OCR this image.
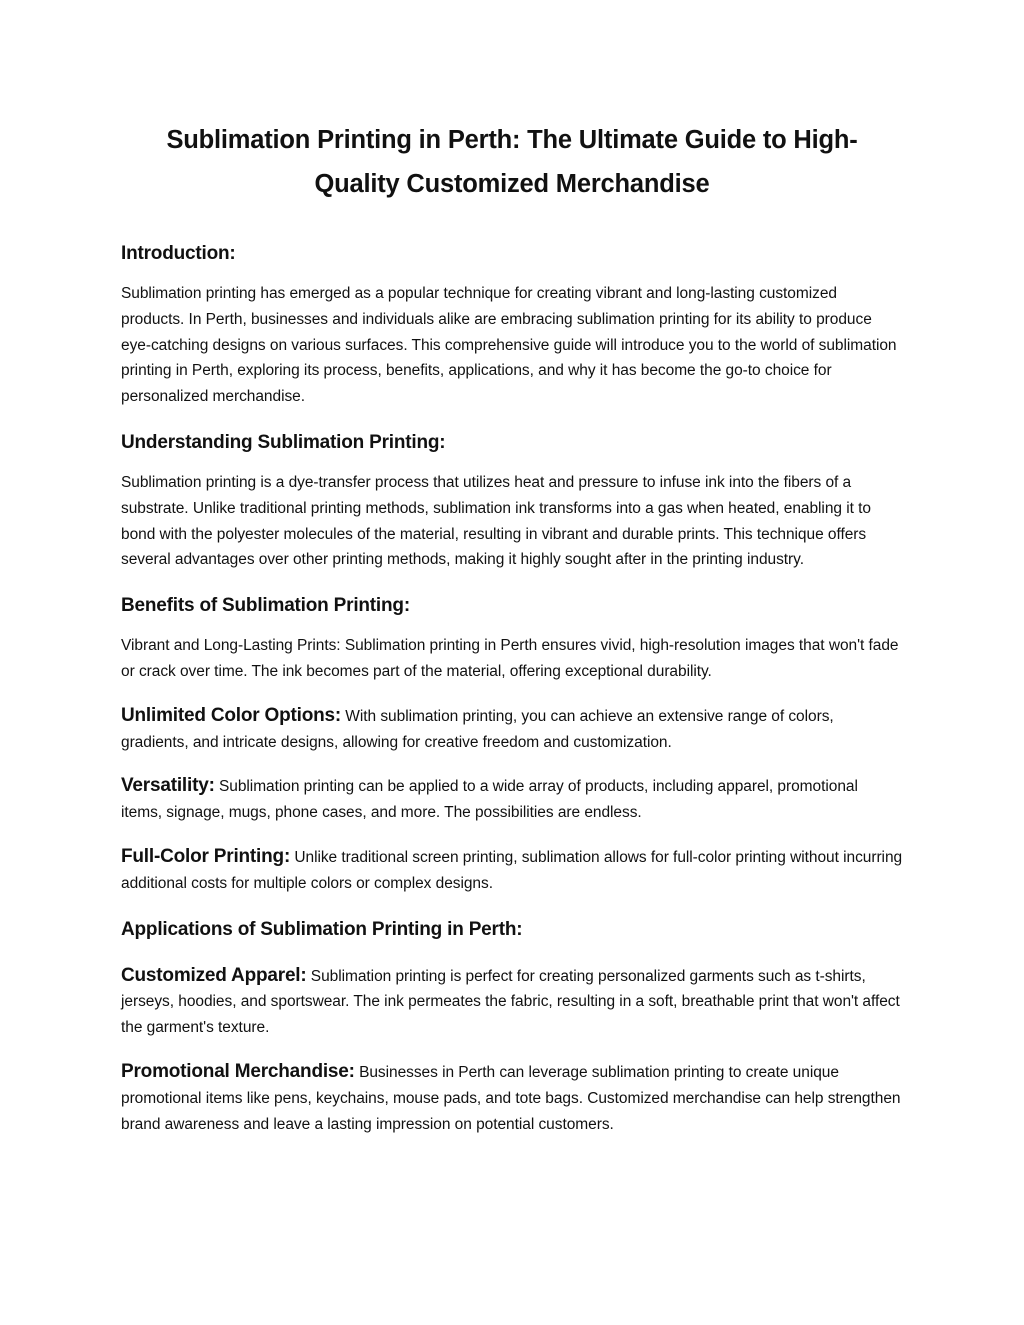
Sublimation Printing in Perth: The Ultimate Guide to High-
Quality Customized Merchandise
Introduction:

Sublimation printing has emerged as a popular technique for creating vibrant and long-lasting customized products. In Perth, businesses and individuals alike are embracing sublimation printing for its ability to produce eye-catching designs on various surfaces. This comprehensive guide will introduce you to the world of sublimation printing in Perth, exploring its process, benefits, applications, and why it has become the go-to choice for personalized merchandise.

Understanding Sublimation Printing:

Sublimation printing is a dye-transfer process that utilizes heat and pressure to infuse ink into the fibers of a substrate. Unlike traditional printing methods, sublimation ink transforms into a gas when heated, enabling it to bond with the polyester molecules of the material, resulting in vibrant and durable prints. This technique offers several advantages over other printing methods, making it highly sought after in the printing industry.

Benefits of Sublimation Printing:

Vibrant and Long-Lasting Prints: Sublimation printing in Perth ensures vivid, high-resolution images that won't fade or crack over time. The ink becomes part of the material, offering exceptional durability.

Unlimited Color Options: With sublimation printing, you can achieve an extensive range of colors, gradients, and intricate designs, allowing for creative freedom and customization.

Versatility: Sublimation printing can be applied to a wide array of products, including apparel, promotional items, signage, mugs, phone cases, and more. The possibilities are endless.

Full-Color Printing: Unlike traditional screen printing, sublimation allows for full-color printing without incurring additional costs for multiple colors or complex designs.

Applications of Sublimation Printing in Perth:

Customized Apparel: Sublimation printing is perfect for creating personalized garments such as t-shirts, jerseys, hoodies, and sportswear. The ink permeates the fabric, resulting in a soft, breathable print that won't affect the garment's texture.

Promotional Merchandise: Businesses in Perth can leverage sublimation printing to create unique promotional items like pens, keychains, mouse pads, and tote bags. Customized merchandise can help strengthen brand awareness and leave a lasting impression on potential customers.
